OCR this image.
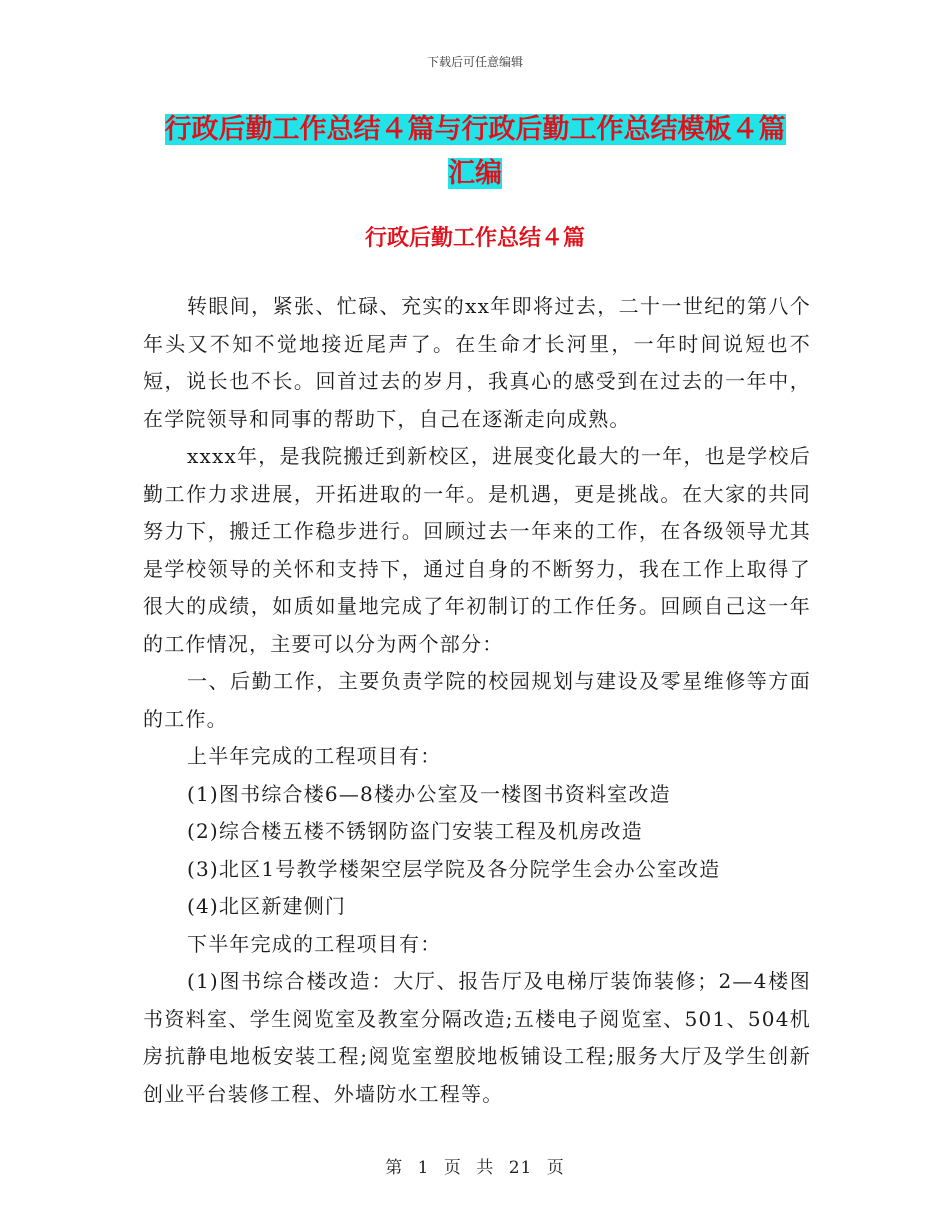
下载后可任意编辑
行政后勤工作总结４篇与行政后勤工作总结模板４篇
汇编
行政后勤工作总结４篇

转眼间，紧张、忙碌、充实的xx年即将过去，二十一世纪的第八个年头又不知不觉地接近尾声了。在生命才长河里，一年时间说短也不短，说长也不长。回首过去的岁月，我真心的感受到在过去的一年中，在学院领导和同事的帮助下，自己在逐渐走向成熟。

xxxx年，是我院搬迁到新校区，进展变化最大的一年，也是学校后勤工作力求进展，开拓进取的一年。是机遇，更是挑战。在大家的共同努力下，搬迁工作稳步进行。回顾过去一年来的工作，在各级领导尤其是学校领导的关怀和支持下，通过自身的不断努力，我在工作上取得了很大的成绩，如质如量地完成了年初制订的工作任务。回顾自己这一年的工作情况，主要可以分为两个部分：

一、后勤工作，主要负责学院的校园规划与建设及零星维修等方面的工作。

上半年完成的工程项目有：

(1)图书综合楼6—8楼办公室及一楼图书资料室改造

(2)综合楼五楼不锈钢防盗门安装工程及机房改造

(3)北区1号教学楼架空层学院及各分院学生会办公室改造

(4)北区新建侧门

下半年完成的工程项目有：

(1)图书综合楼改造：大厅、报告厅及电梯厅装饰装修；2—4楼图书资料室、学生阅览室及教室分隔改造;五楼电子阅览室、501、504机房抗静电地板安装工程;阅览室塑胶地板铺设工程;服务大厅及学生创新创业平台装修工程、外墙防水工程等。

第 1 页 共 21 页
